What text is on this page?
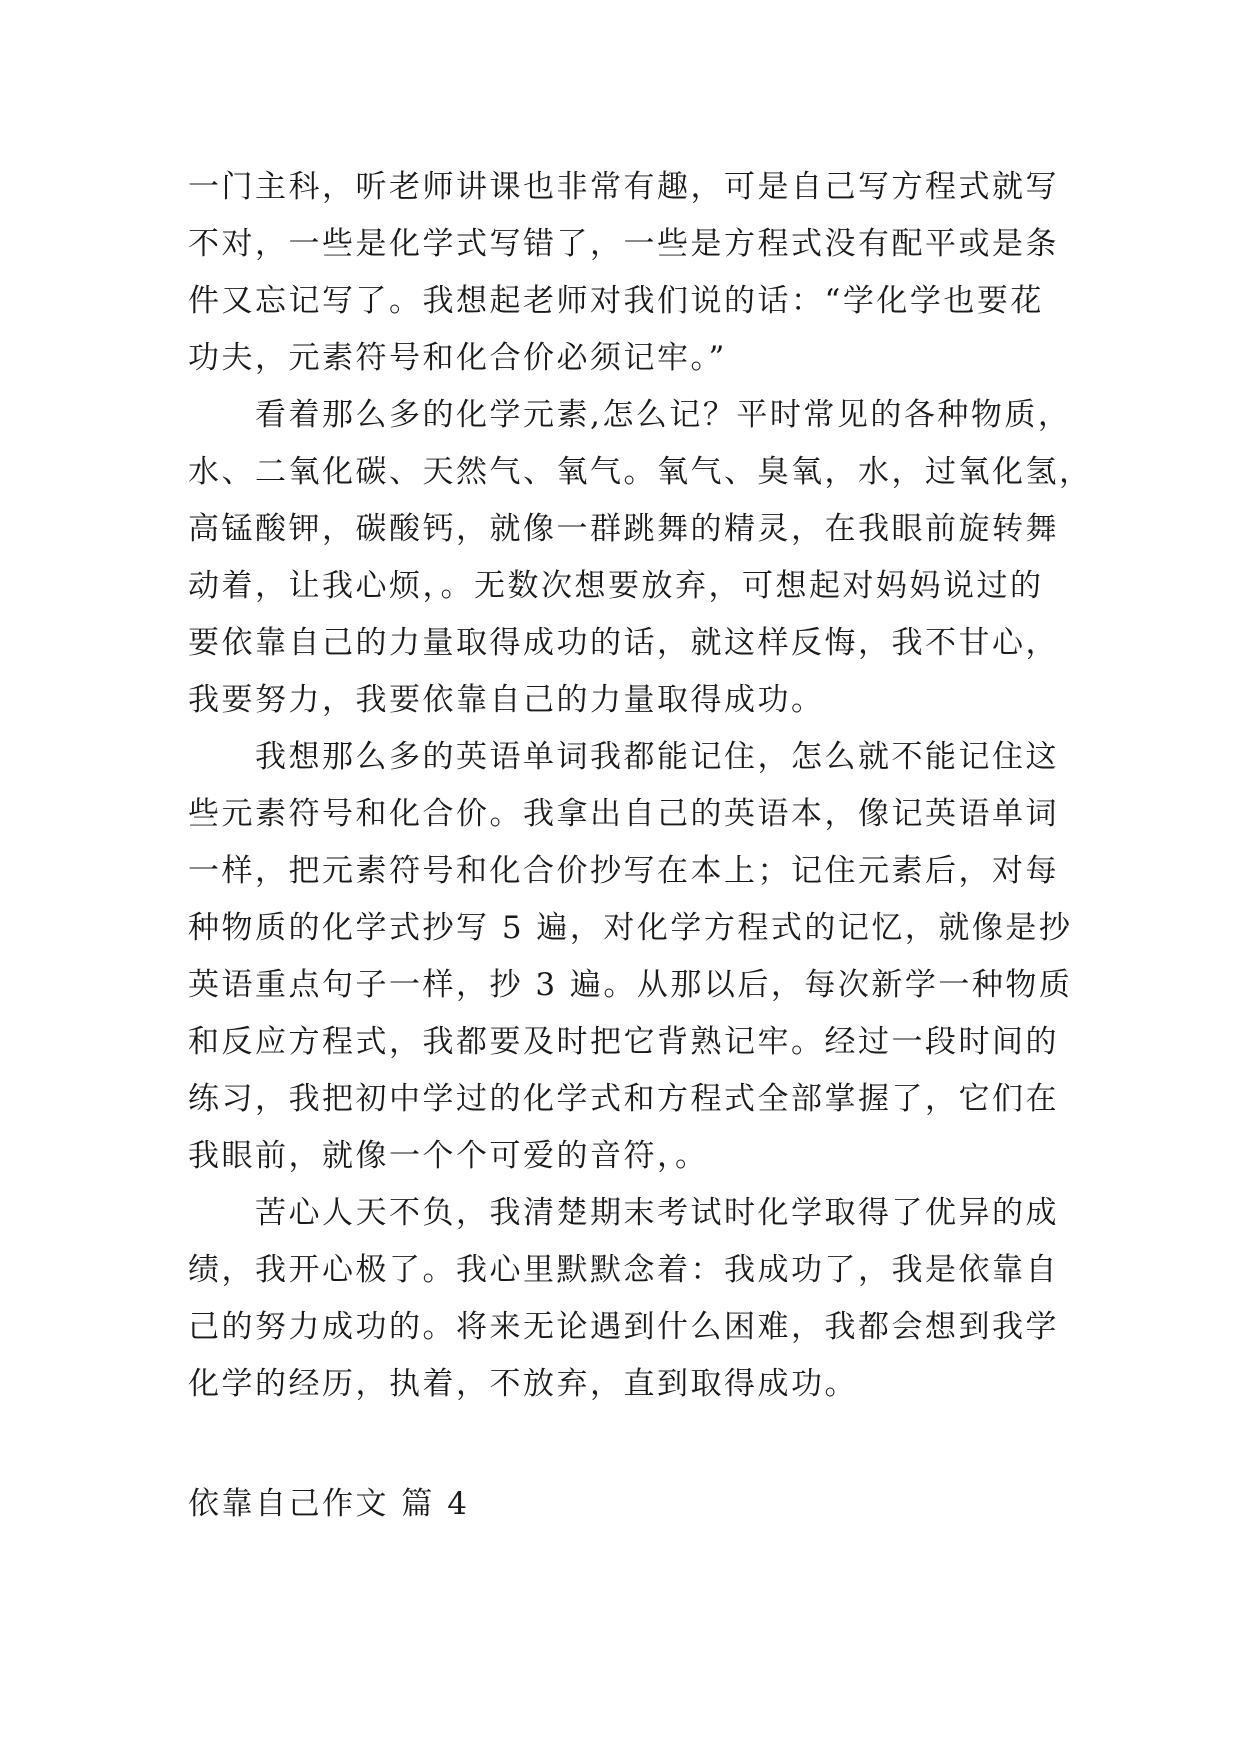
一门主科，听老师讲课也非常有趣，可是自己写方程式就写
不对，一些是化学式写错了，一些是方程式没有配平或是条
件又忘记写了。我想起老师对我们说的话：“学化学也要花
功夫，元素符号和化合价必须记牢。”
　　看着那么多的化学元素,怎么记？平时常见的各种物质，
水、二氧化碳、天然气、氧气。氧气、臭氧，水，过氧化氢，
高锰酸钾，碳酸钙，就像一群跳舞的精灵，在我眼前旋转舞
动着，让我心烦，。无数次想要放弃，可想起对妈妈说过的
要依靠自己的力量取得成功的话，就这样反悔，我不甘心，
我要努力，我要依靠自己的力量取得成功。
　　我想那么多的英语单词我都能记住，怎么就不能记住这
些元素符号和化合价。我拿出自己的英语本，像记英语单词
一样，把元素符号和化合价抄写在本上；记住元素后，对每
种物质的化学式抄写 5 遍，对化学方程式的记忆，就像是抄
英语重点句子一样，抄 3 遍。从那以后，每次新学一种物质
和反应方程式，我都要及时把它背熟记牢。经过一段时间的
练习，我把初中学过的化学式和方程式全部掌握了，它们在
我眼前，就像一个个可爱的音符，。
　　苦心人天不负，我清楚期末考试时化学取得了优异的成
绩，我开心极了。我心里默默念着：我成功了，我是依靠自
己的努力成功的。将来无论遇到什么困难，我都会想到我学
化学的经历，执着，不放弃，直到取得成功。
依靠自己作文 篇 4
